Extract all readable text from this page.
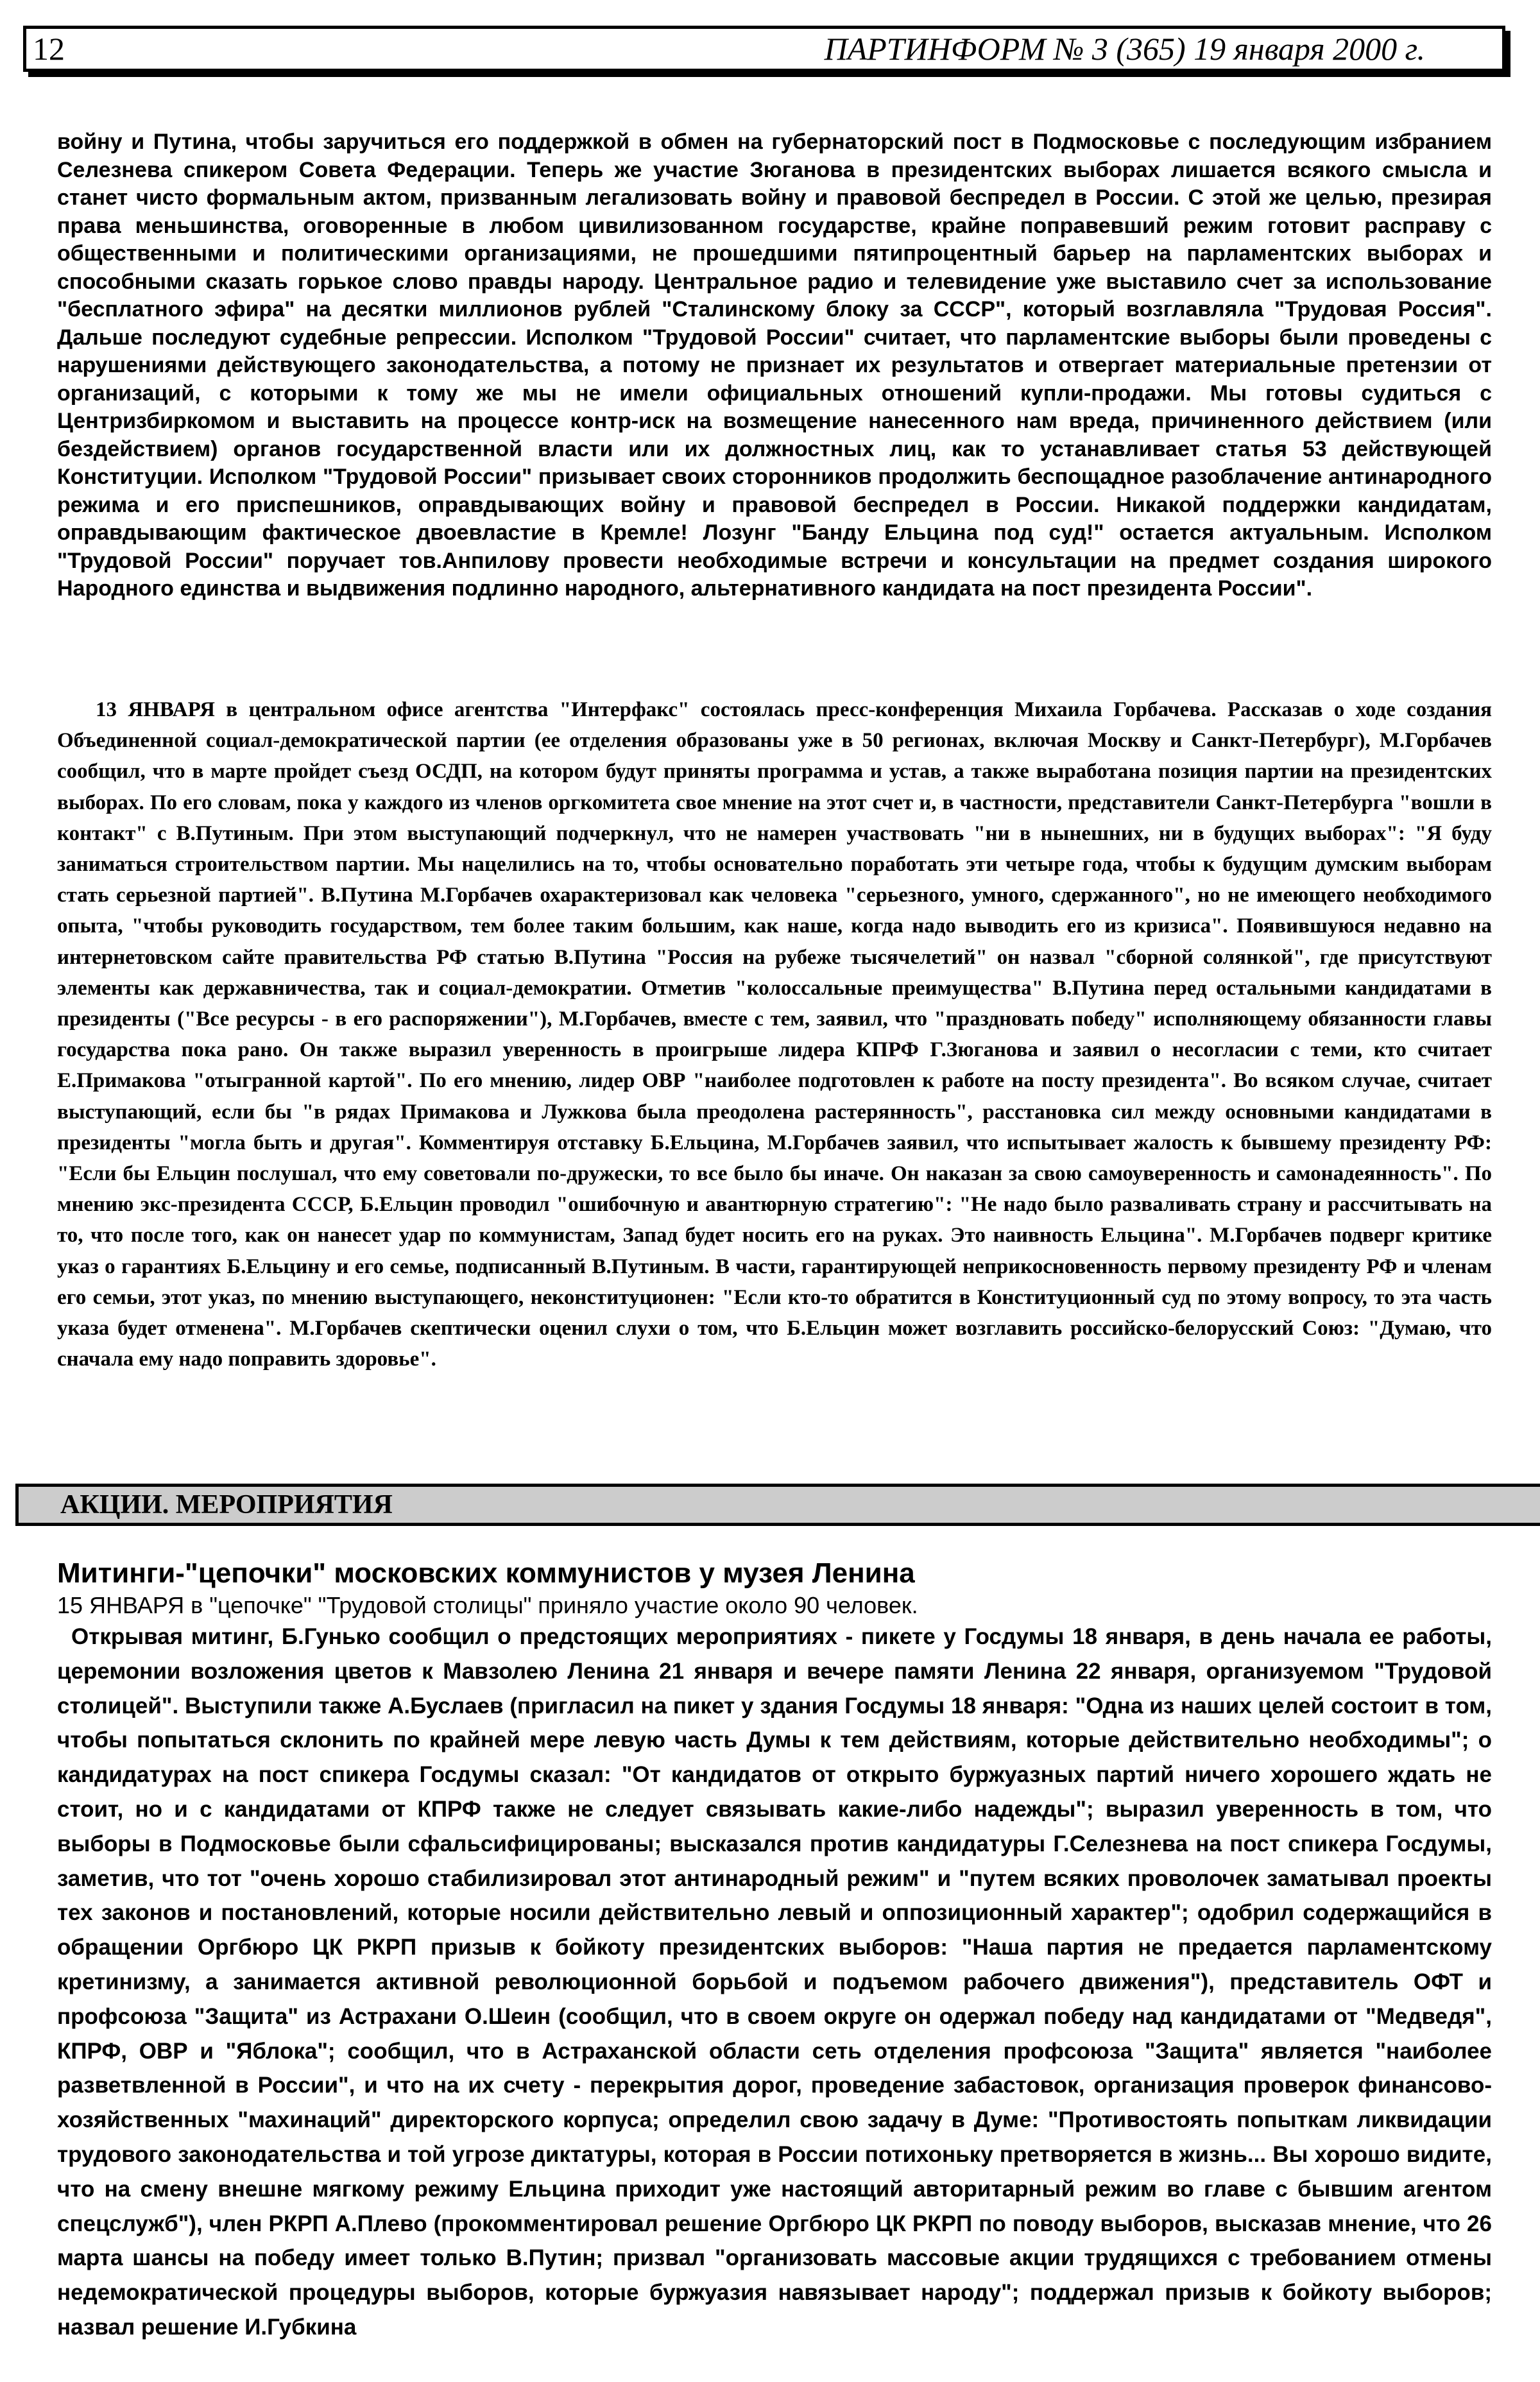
12	ПАРТИНФОРМ № 3 (365) 19 января 2000 г.

войну и Путина, чтобы заручиться его поддержкой в обмен на губернаторский пост в Подмосковье с последующим избранием Селезнева спикером Совета Федерации. Теперь же участие Зюганова в президентских выборах лишается всякого смысла и станет чисто формальным актом, призванным легализовать войну и правовой беспредел в России. С этой же целью, презирая права меньшинства, оговоренные в любом цивилизованном государстве, крайне поправевший режим готовит расправу с общественными и политическими организациями, не прошедшими пятипроцентный барьер на парламентских выборах и способными сказать горькое слово правды народу. Центральное радио и телевидение уже выставило счет за использование "бесплатного эфира" на десятки миллионов рублей "Сталинскому блоку за СССР", который возглавляла "Трудовая Россия". Дальше последуют судебные репрессии. Исполком "Трудовой России" считает, что парламентские выборы были проведены с нарушениями действующего законодательства, а потому не признает их результатов и отвергает материальные претензии от организаций, с которыми к тому же мы не имели официальных отношений купли-продажи. Мы готовы судиться с Центризбиркомом и выставить на процессе контр-иск на возмещение нанесенного нам вреда, причиненного действием (или бездействием) органов государственной власти или их должностных лиц, как то устанавливает статья 53 действующей Конституции. Исполком "Трудовой России" призывает своих сторонников продолжить беспощадное разоблачение антинародного режима и его приспешников, оправдывающих войну и правовой беспредел в России. Никакой поддержки кандидатам, оправдывающим фактическое двоевластие в Кремле! Лозунг "Банду Ельцина под суд!" остается актуальным. Исполком "Трудовой России" поручает тов.Анпилову провести необходимые встречи и консультации на предмет создания широкого Народного единства и выдвижения подлинно народного, альтернативного кандидата на пост президента России".

13 ЯНВАРЯ в центральном офисе агентства "Интерфакс" состоялась пресс-конференция Михаила Горбачева. Рассказав о ходе создания Объединенной социал-демократической партии (ее отделения образованы уже в 50 регионах, включая Москву и Санкт-Петербург), М.Горбачев сообщил, что в марте пройдет съезд ОСДП, на котором будут приняты программа и устав, а также выработана позиция партии на президентских выборах. По его словам, пока у каждого из членов оргкомитета свое мнение на этот счет и, в частности, представители Санкт-Петербурга "вошли в контакт" с В.Путиным. При этом выступающий подчеркнул, что не намерен участвовать "ни в нынешних, ни в будущих выборах": "Я буду заниматься строительством партии. Мы нацелились на то, чтобы основательно поработать эти четыре года, чтобы к будущим думским выборам стать серьезной партией". В.Путина М.Горбачев охарактеризовал как человека "серьезного, умного, сдержанного", но не имеющего необходимого опыта, "чтобы руководить государством, тем более таким большим, как наше, когда надо выводить его из кризиса". Появившуюся недавно на интернетовском сайте правительства РФ статью В.Путина "Россия на рубеже тысячелетий" он назвал "сборной солянкой", где присутствуют элементы как державничества, так и социал-демократии. Отметив "колоссальные преимущества" В.Путина перед остальными кандидатами в президенты ("Все ресурсы - в его распоряжении"), М.Горбачев, вместе с тем, заявил, что "праздновать победу" исполняющему обязанности главы государства пока рано. Он также выразил уверенность в проигрыше лидера КПРФ Г.Зюганова и заявил о несогласии с теми, кто считает Е.Примакова "отыгранной картой". По его мнению, лидер ОВР "наиболее подготовлен к работе на посту президента". Во всяком случае, считает выступающий, если бы "в рядах Примакова и Лужкова была преодолена растерянность", расстановка сил между основными кандидатами в президенты "могла быть и другая". Комментируя отставку Б.Ельцина, М.Горбачев заявил, что испытывает жалость к бывшему президенту РФ: "Если бы Ельцин послушал, что ему советовали по-дружески, то все было бы иначе. Он наказан за свою самоуверенность и самонадеянность". По мнению экс-президента СССР, Б.Ельцин проводил "ошибочную и авантюрную стратегию": "Не надо было разваливать страну и рассчитывать на то, что после того, как он нанесет удар по коммунистам, Запад будет носить его на руках. Это наивность Ельцина". М.Горбачев подверг критике указ о гарантиях Б.Ельцину и его семье, подписанный В.Путиным. В части, гарантирующей неприкосновенность первому президенту РФ и членам его семьи, этот указ, по мнению выступающего, неконституционен: "Если кто-то обратится в Конституционный суд по этому вопросу, то эта часть указа будет отменена". М.Горбачев скептически оценил слухи о том, что Б.Ельцин может возглавить российско-белорусский Союз: "Думаю, что сначала ему надо поправить здоровье".

АКЦИИ. МЕРОПРИЯТИЯ
Митинги-"цепочки" московских коммунистов у музея Ленина
15 ЯНВАРЯ в "цепочке" "Трудовой столицы" приняло участие около 90 человек.

Открывая митинг, Б.Гунько сообщил о предстоящих мероприятиях - пикете у Госдумы 18 января, в день начала ее работы, церемонии возложения цветов к Мавзолею Ленина 21 января и вечере памяти Ленина 22 января, организуемом "Трудовой столицей". Выступили также А.Буслаев (пригласил на пикет у здания Госдумы 18 января: "Одна из наших целей состоит в том, чтобы попытаться склонить по крайней мере левую часть Думы к тем действиям, которые действительно необходимы"; о кандидатурах на пост спикера Госдумы сказал: "От кандидатов от открыто буржуазных партий ничего хорошего ждать не стоит, но и с кандидатами от КПРФ также не следует связывать какие-либо надежды"; выразил уверенность в том, что выборы в Подмосковье были сфальсифицированы; высказался против кандидатуры Г.Селезнева на пост спикера Госдумы, заметив, что тот "очень хорошо стабилизировал этот антинародный режим" и "путем всяких проволочек заматывал проекты тех законов и постановлений, которые носили действительно левый и оппозиционный характер"; одобрил содержащийся в обращении Оргбюро ЦК РКРП призыв к бойкоту президентских выборов: "Наша партия не предается парламентскому кретинизму, а занимается активной революционной борьбой и подъемом рабочего движения"), представитель ОФТ и профсоюза "Защита" из Астрахани О.Шеин (сообщил, что в своем округе он одержал победу над кандидатами от "Медведя", КПРФ, ОВР и "Яблока"; сообщил, что в Астраханской области сеть отделения профсоюза "Защита" является "наиболее разветвленной в России", и что на их счету - перекрытия дорог, проведение забастовок, организация проверок финансово-хозяйственных "махинаций" директорского корпуса; определил свою задачу в Думе: "Противостоять попыткам ликвидации трудового законодательства и той угрозе диктатуры, которая в России потихоньку претворяется в жизнь... Вы хорошо видите, что на смену внешне мягкому режиму Ельцина приходит уже настоящий авторитарный режим во главе с бывшим агентом спецслужб"), член РКРП А.Плево (прокомментировал решение Оргбюро ЦК РКРП по поводу выборов, высказав мнение, что 26 марта шансы на победу имеет только В.Путин; призвал "организовать массовые акции трудящихся с требованием отмены недемократической процедуры выборов, которые буржуазия навязывает народу"; поддержал призыв к бойкоту выборов; назвал решение И.Губкина
